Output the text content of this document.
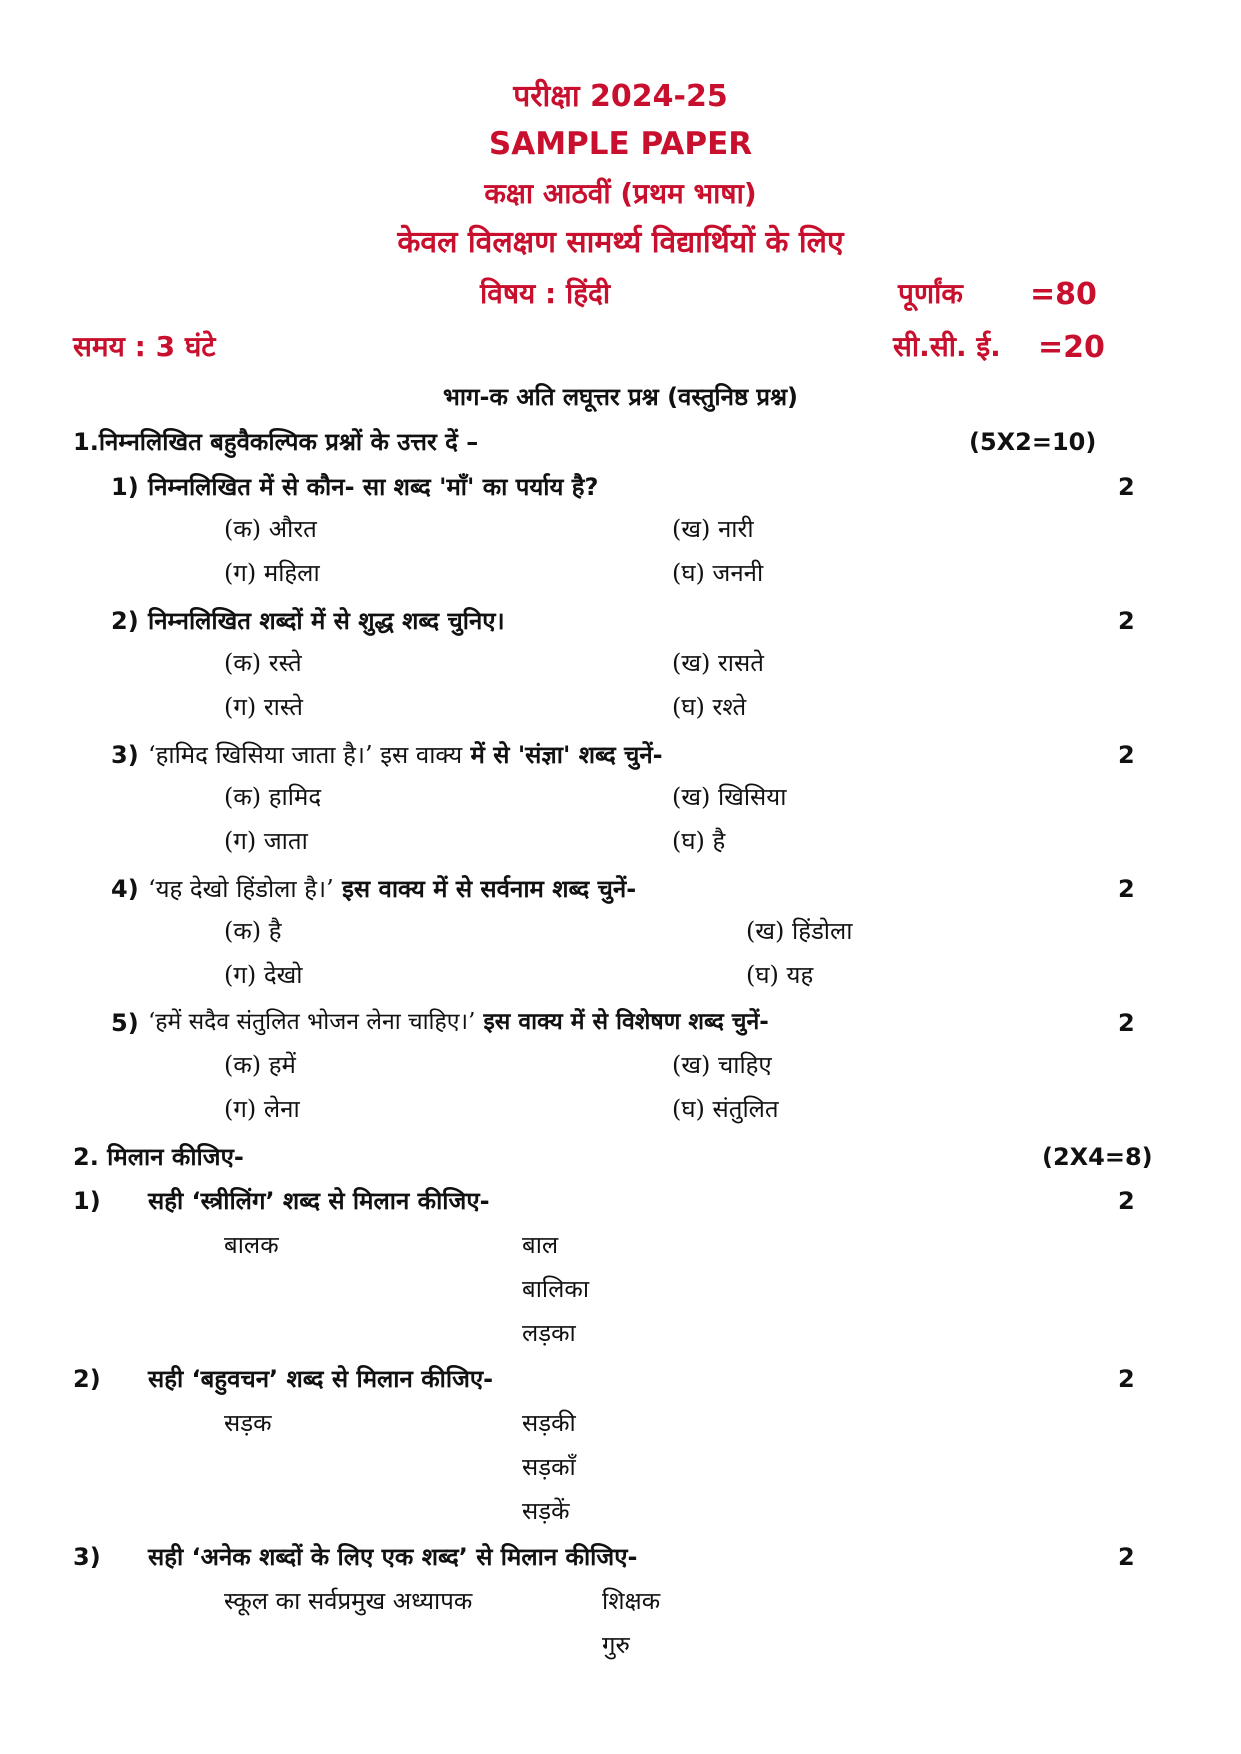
परीक्षा 2024-25
SAMPLE PAPER
कक्षा आठवीं (प्रथम भाषा)
केवल विलक्षण सामर्थ्य विद्यार्थियों के लिए
विषय : हिंदी	पूर्णांक =80
समय : 3 घंटे	सी.सी. ई. =20
भाग-क अति लघूत्तर प्रश्न (वस्तुनिष्ठ प्रश्न)
1.निम्नलिखित बहुवैकल्पिक प्रश्नों के उत्तर दें –	(5X2=10)
1) निम्नलिखित में से कौन- सा शब्द 'माँ' का पर्याय है?	2
(क) औरत	(ख) नारी
(ग) महिला	(घ) जननी
2) निम्नलिखित शब्दों में से शुद्ध शब्द चुनिए।	2
(क) रस्ते	(ख) रासते
(ग) रास्ते	(घ) रश्ते
3) ‘हामिद खिसिया जाता है।’ इस वाक्य में से 'संज्ञा' शब्द चुनें-	2
(क) हामिद	(ख) खिसिया
(ग) जाता	(घ) है
4) ‘यह देखो हिंडोला है।’ इस वाक्य में से सर्वनाम शब्द चुनें-	2
(क) है	(ख) हिंडोला
(ग) देखो	(घ) यह
5) ‘हमें सदैव संतुलित भोजन लेना चाहिए।’ इस वाक्य में से विशेषण शब्द चुनें-	2
(क) हमें	(ख) चाहिए
(ग) लेना	(घ) संतुलित
2. मिलान कीजिए-	(2X4=8)
1) सही ‘स्त्रीलिंग’ शब्द से मिलान कीजिए-	2
बालक	बाल
बालिका
लड़का
2) सही ‘बहुवचन’ शब्द से मिलान कीजिए-	2
सड़क	सड़की
सड़काँ
सड़कें
3) सही ‘अनेक शब्दों के लिए एक शब्द’ से मिलान कीजिए-	2
स्कूल का सर्वप्रमुख अध्यापक	शिक्षक
गुरु
